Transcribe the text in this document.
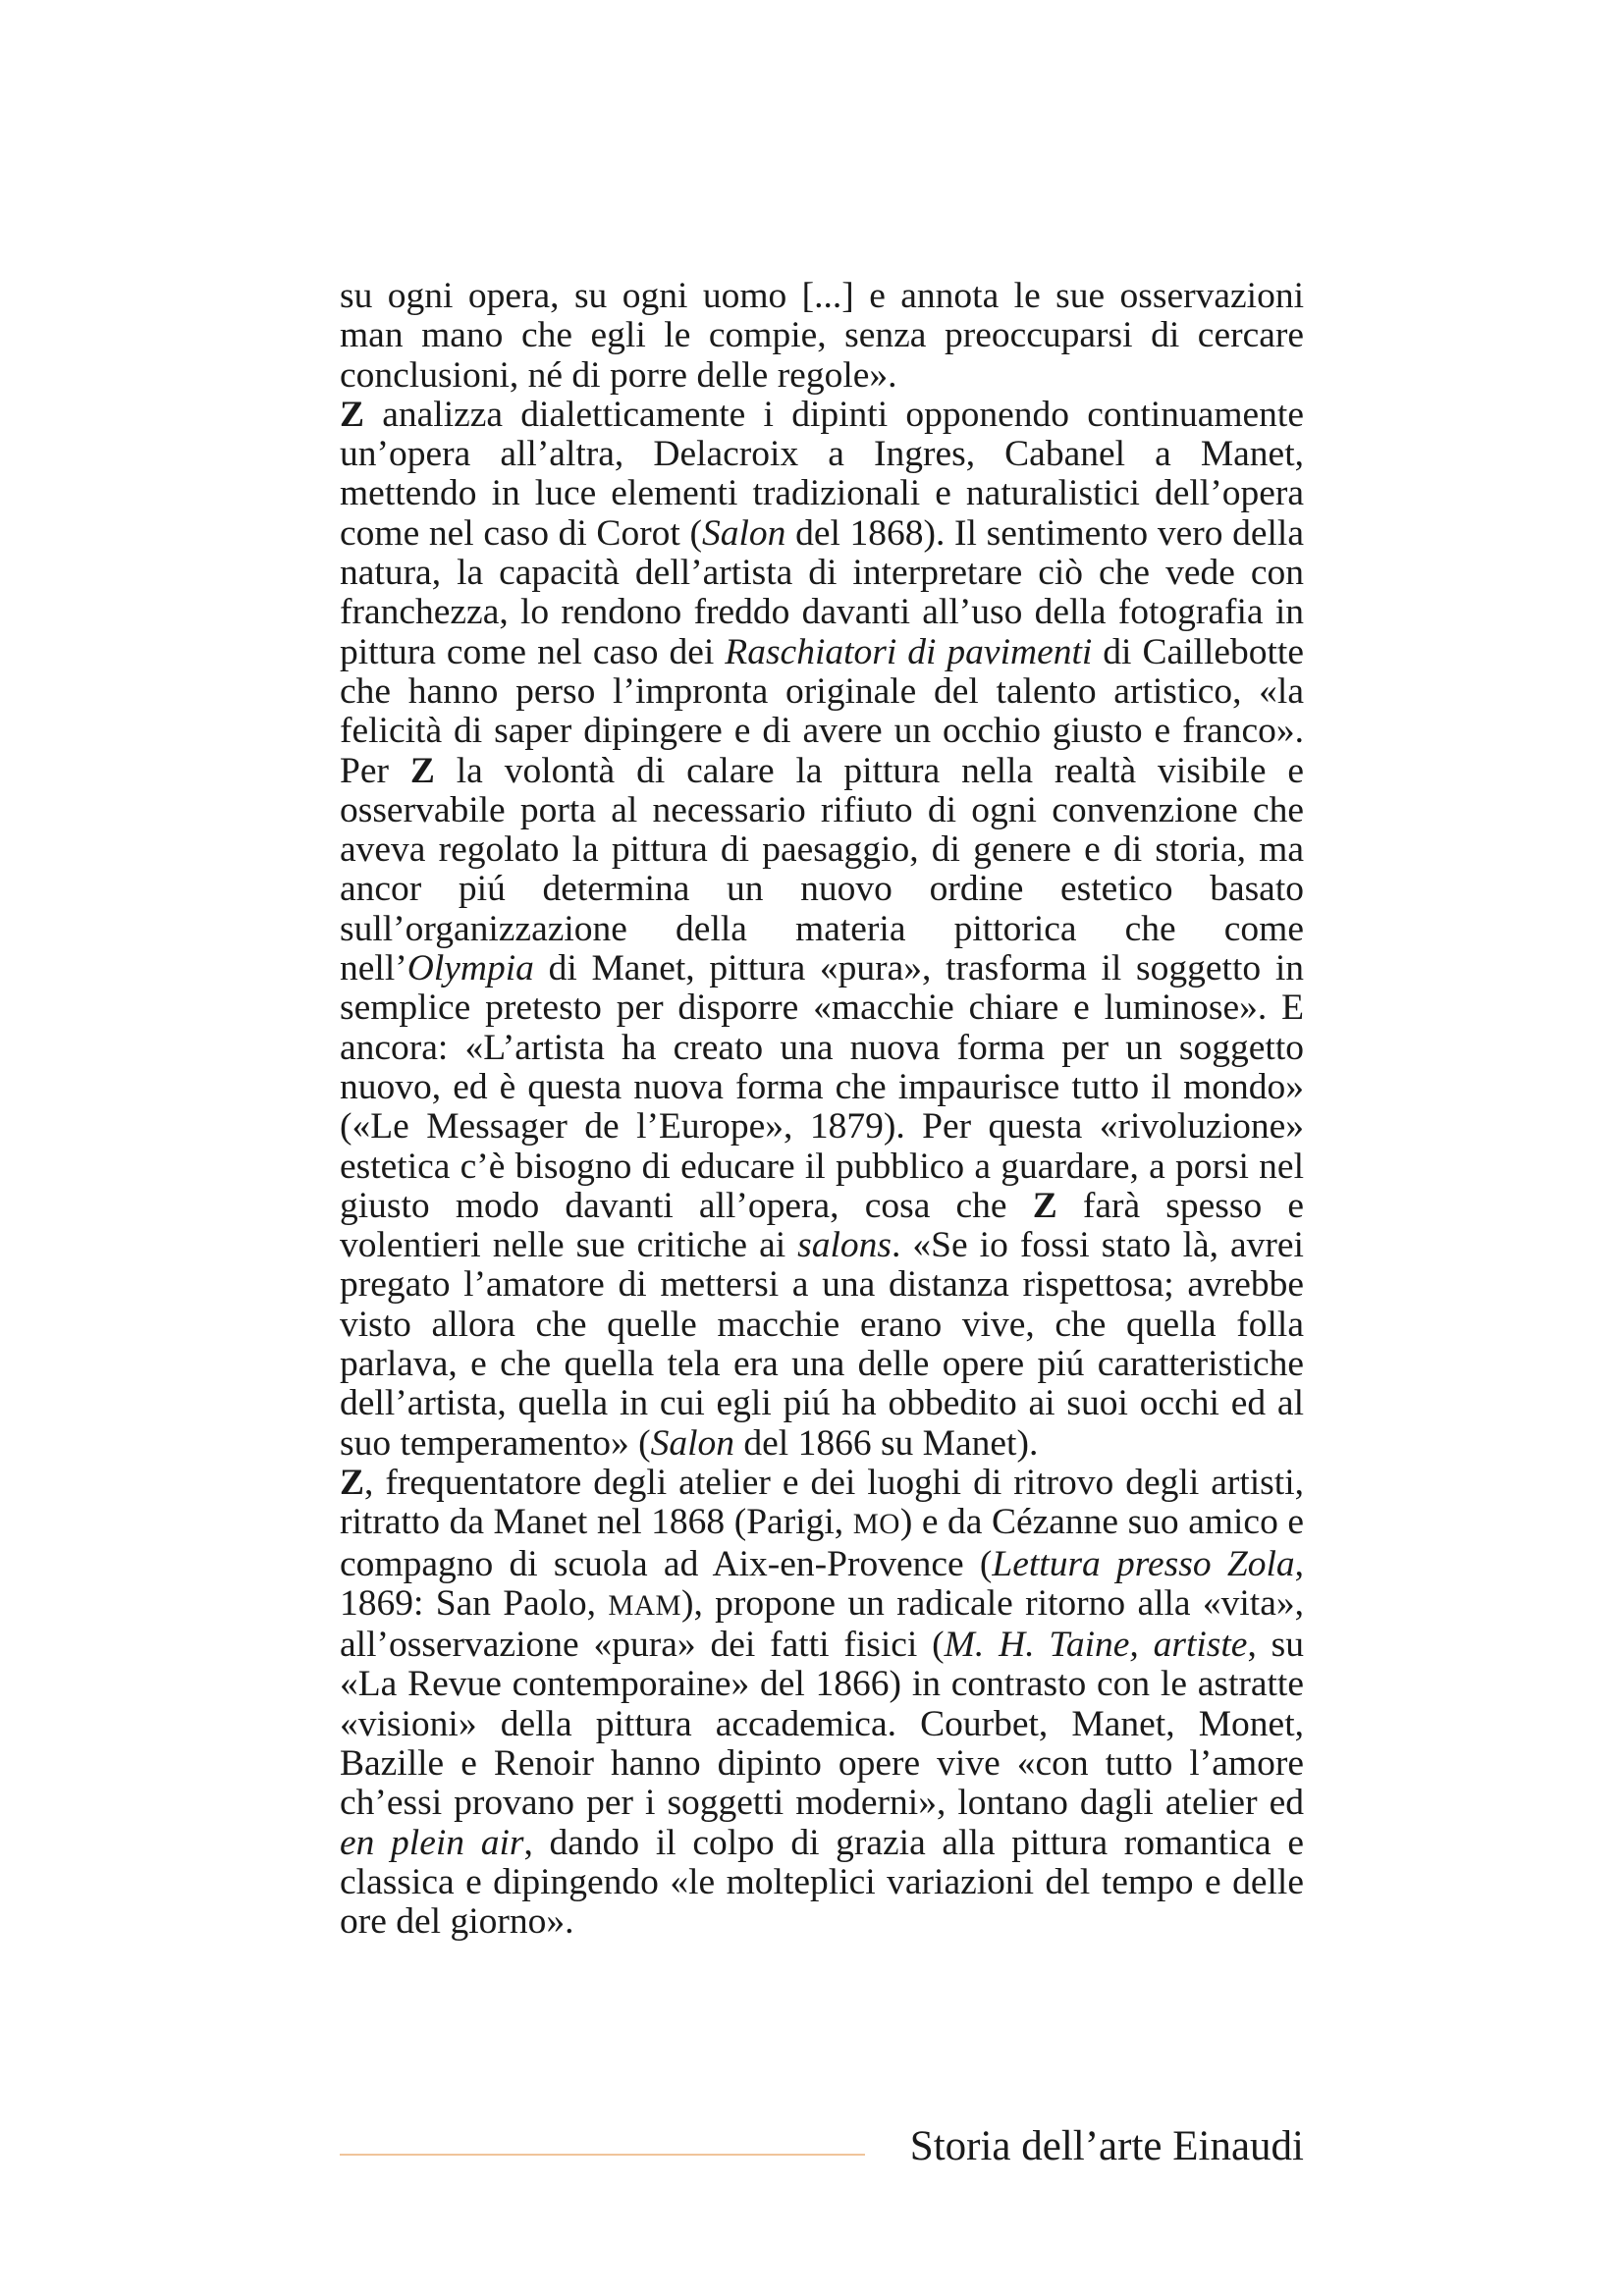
su ogni opera, su ogni uomo [...] e annota le sue osservazioni man mano che egli le compie, senza preoccuparsi di cercare conclusioni, né di porre delle regole».

Z analizza dialetticamente i dipinti opponendo continuamente un’opera all’altra, Delacroix a Ingres, Cabanel a Manet, mettendo in luce elementi tradizionali e naturalistici dell’opera come nel caso di Corot (Salon del 1868). Il sentimento vero della natura, la capacità dell’artista di interpretare ciò che vede con franchezza, lo rendono freddo davanti all’uso della fotografia in pittura come nel caso dei Raschiatori di pavimenti di Caillebotte che hanno perso l’impronta originale del talento artistico, «la felicità di saper dipingere e di avere un occhio giusto e franco». Per Z la volontà di calare la pittura nella realtà visibile e osservabile porta al necessario rifiuto di ogni convenzione che aveva regolato la pittura di paesaggio, di genere e di storia, ma ancor piú determina un nuovo ordine estetico basato sull’organizzazione della materia pittorica che come nell’Olympia di Manet, pittura «pura», trasforma il soggetto in semplice pretesto per disporre «macchie chiare e luminose». E ancora: «L’artista ha creato una nuova forma per un soggetto nuovo, ed è questa nuova forma che impaurisce tutto il mondo» («Le Messager de l’Europe», 1879). Per questa «rivoluzione» estetica c’è bisogno di educare il pubblico a guardare, a porsi nel giusto modo davanti all’opera, cosa che Z farà spesso e volentieri nelle sue critiche ai salons. «Se io fossi stato là, avrei pregato l’amatore di mettersi a una distanza rispettosa; avrebbe visto allora che quelle macchie erano vive, che quella folla parlava, e che quella tela era una delle opere piú caratteristiche dell’artista, quella in cui egli piú ha obbedito ai suoi occhi ed al suo temperamento» (Salon del 1866 su Manet).

Z, frequentatore degli atelier e dei luoghi di ritrovo degli artisti, ritratto da Manet nel 1868 (Parigi, MO) e da Cézanne suo amico e compagno di scuola ad Aix-en-Provence (Lettura presso Zola, 1869: San Paolo, MAM), propone un radicale ritorno alla «vita», all’osservazione «pura» dei fatti fisici (M. H. Taine, artiste, su «La Revue contemporaine» del 1866) in contrasto con le astratte «visioni» della pittura accademica. Courbet, Manet, Monet, Bazille e Renoir hanno dipinto opere vive «con tutto l’amore ch’essi provano per i soggetti moderni», lontano dagli atelier ed en plein air, dando il colpo di grazia alla pittura romantica e classica e dipingendo «le molteplici variazioni del tempo e delle ore del giorno».

Storia dell’arte Einaudi
